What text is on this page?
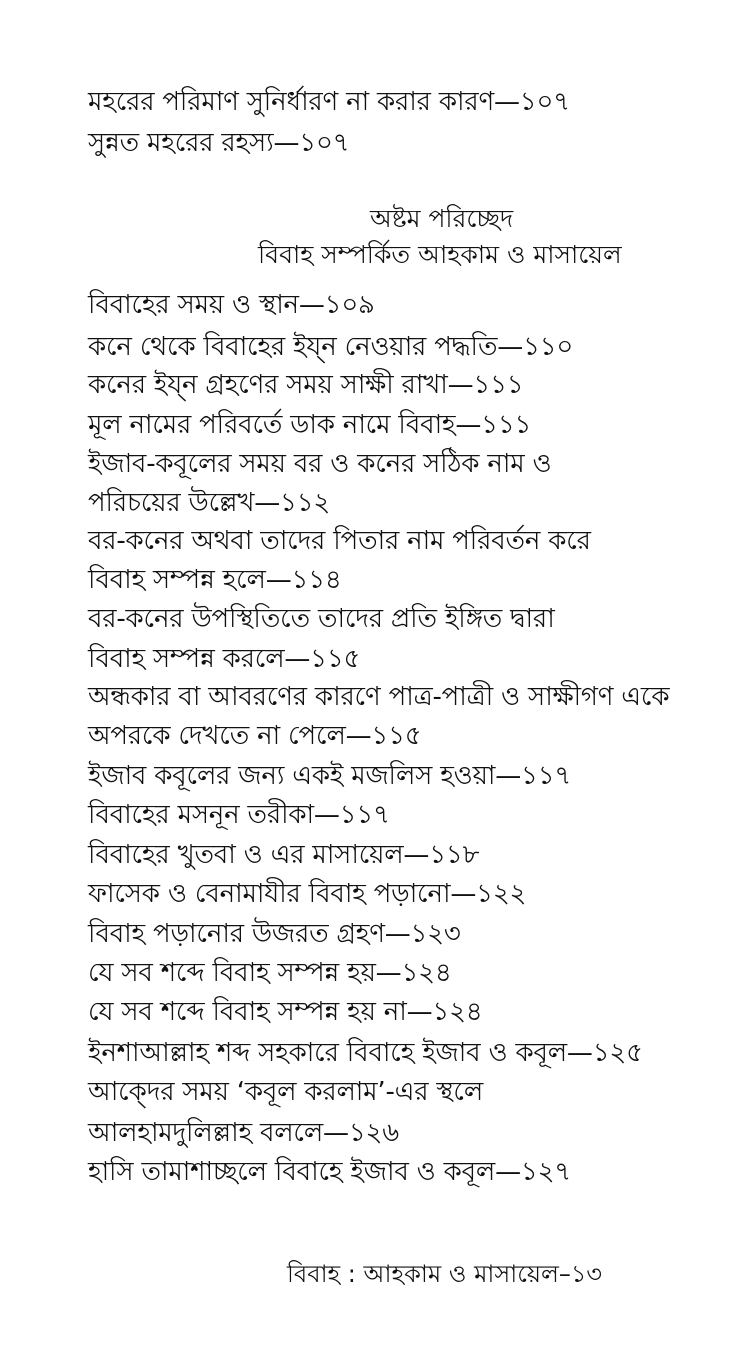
মহরের পরিমাণ সুনির্ধারণ না করার কারণ—১০৭
সুন্নত মহরের রহস্য—১০৭
অষ্টম পরিচ্ছেদ
বিবাহ সম্পর্কিত আহকাম ও মাসায়েল
বিবাহের সময় ও স্থান—১০৯
কনে থেকে বিবাহের ইয্ন নেওয়ার পদ্ধতি—১১০
কনের ইয্ন গ্রহণের সময় সাক্ষী রাখা—১১১
মূল নামের পরিবর্তে ডাক নামে বিবাহ—১১১
ইজাব-কবূলের সময় বর ও কনের সঠিক নাম ও
পরিচয়ের উল্লেখ—১১২
বর-কনের অথবা তাদের পিতার নাম পরিবর্তন করে
বিবাহ সম্পন্ন হলে—১১৪
বর-কনের উপস্থিতিতে তাদের প্রতি ইঙ্গিত দ্বারা
বিবাহ সম্পন্ন করলে—১১৫
অন্ধকার বা আবরণের কারণে পাত্র-পাত্রী ও সাক্ষীগণ একে
অপরকে দেখতে না পেলে—১১৫
ইজাব কবূলের জন্য একই মজলিস হওয়া—১১৭
বিবাহের মসনূন তরীকা—১১৭
বিবাহের খুতবা ও এর মাসায়েল—১১৮
ফাসেক ও বেনামাযীর বিবাহ পড়ানো—১২২
বিবাহ পড়ানোর উজরত গ্রহণ—১২৩
যে সব শব্দে বিবাহ সম্পন্ন হয়—১২৪
যে সব শব্দে বিবাহ সম্পন্ন হয় না—১২৪
ইনশাআল্লাহ শব্দ সহকারে বিবাহে ইজাব ও কবূল—১২৫
আক্দের সময় ‘কবূল করলাম’-এর স্থলে
আলহামদুলিল্লাহ বললে—১২৬
হাসি তামাশাচ্ছলে বিবাহে ইজাব ও কবূল—১২৭
বিবাহ : আহকাম ও মাসায়েল–১৩
